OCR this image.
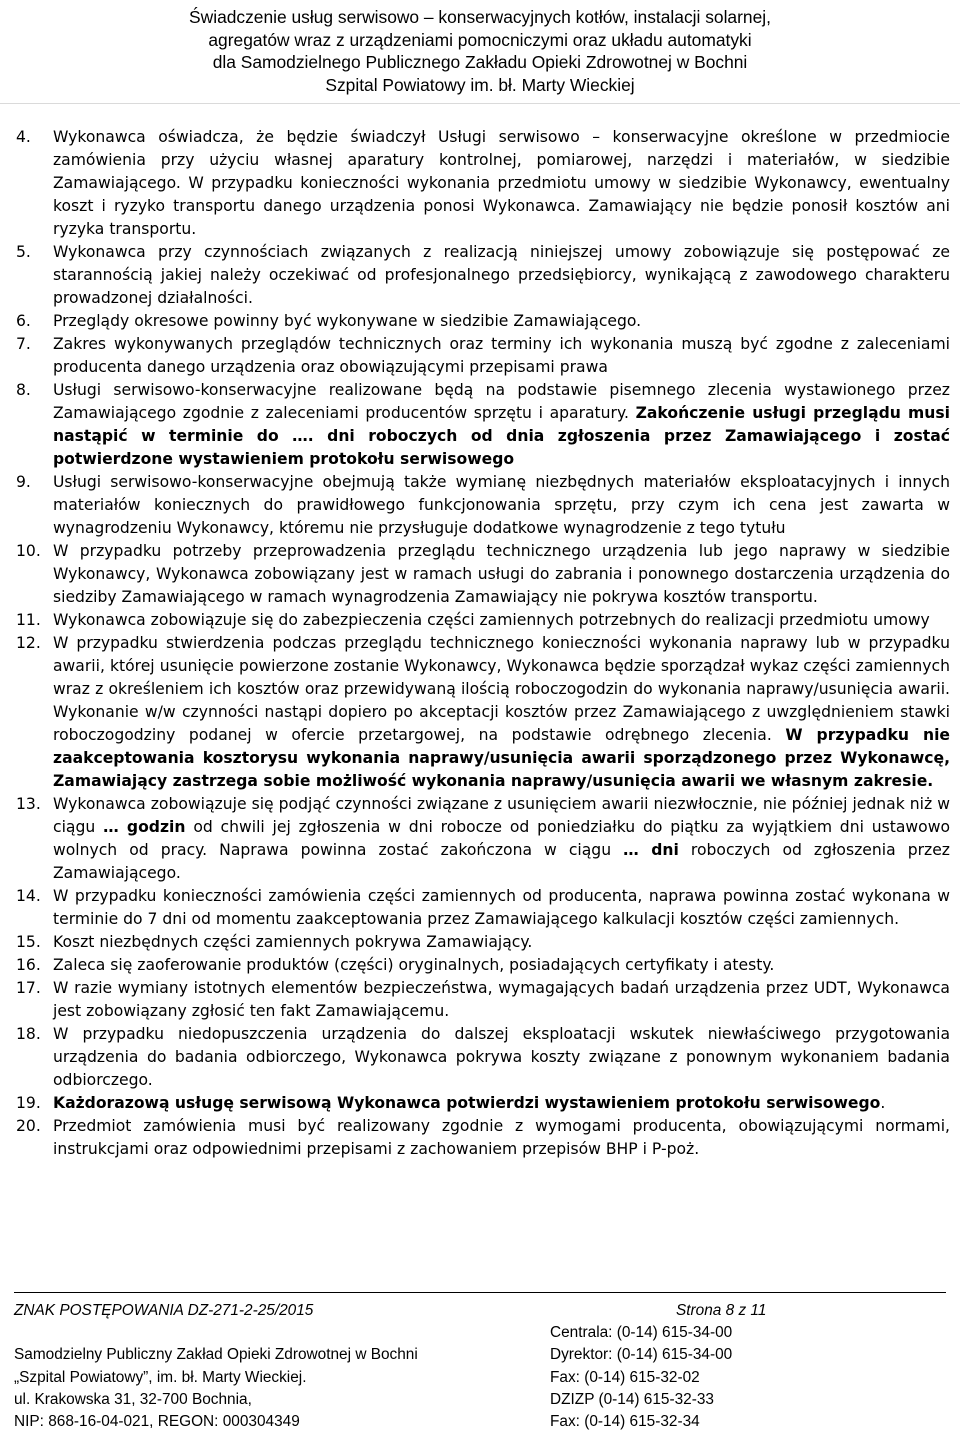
Świadczenie usług serwisowo – konserwacyjnych kotłów, instalacji solarnej,
agregatów wraz z urządzeniami pomocniczymi oraz układu automatyki
dla Samodzielnego Publicznego Zakładu Opieki Zdrowotnej w Bochni
Szpital Powiatowy im. bł. Marty Wieckiej

4. Wykonawca oświadcza, że będzie świadczył Usługi serwisowo – konserwacyjne określone w przedmiocie zamówienia przy użyciu własnej aparatury kontrolnej, pomiarowej, narzędzi i materiałów, w siedzibie Zamawiającego. W przypadku konieczności wykonania przedmiotu umowy w siedzibie Wykonawcy, ewentualny koszt i ryzyko transportu danego urządzenia ponosi Wykonawca. Zamawiający nie będzie ponosił kosztów ani ryzyka transportu.

5. Wykonawca przy czynnościach związanych z realizacją niniejszej umowy zobowiązuje się postępować ze starannością jakiej należy oczekiwać od profesjonalnego przedsiębiorcy, wynikającą z zawodowego charakteru prowadzonej działalności.

6. Przeglądy okresowe powinny być wykonywane w siedzibie Zamawiającego.

7. Zakres wykonywanych przeglądów technicznych oraz terminy ich wykonania muszą być zgodne z zaleceniami producenta danego urządzenia oraz obowiązującymi przepisami prawa

8. Usługi serwisowo-konserwacyjne realizowane będą na podstawie pisemnego zlecenia wystawionego przez Zamawiającego zgodnie z zaleceniami producentów sprzętu i aparatury. Zakończenie usługi przeglądu musi nastąpić w terminie do …. dni roboczych od dnia zgłoszenia przez Zamawiającego i zostać potwierdzone wystawieniem protokołu serwisowego

9. Usługi serwisowo-konserwacyjne obejmują także wymianę niezbędnych materiałów eksploatacyjnych i innych materiałów koniecznych do prawidłowego funkcjonowania sprzętu, przy czym ich cena jest zawarta w wynagrodzeniu Wykonawcy, któremu nie przysługuje dodatkowe wynagrodzenie z tego tytułu

10. W przypadku potrzeby przeprowadzenia przeglądu technicznego urządzenia lub jego naprawy w siedzibie Wykonawcy, Wykonawca zobowiązany jest w ramach usługi do zabrania i ponownego dostarczenia urządzenia do siedziby Zamawiającego w ramach wynagrodzenia Zamawiający nie pokrywa kosztów transportu.

11. Wykonawca zobowiązuje się do zabezpieczenia części zamiennych potrzebnych do realizacji przedmiotu umowy

12. W przypadku stwierdzenia podczas przeglądu technicznego konieczności wykonania naprawy lub w przypadku awarii, której usunięcie powierzone zostanie Wykonawcy, Wykonawca będzie sporządzał wykaz części zamiennych wraz z określeniem ich kosztów oraz przewidywaną ilością roboczogodzin do wykonania naprawy/usunięcia awarii. Wykonanie w/w czynności nastąpi dopiero po akceptacji kosztów przez Zamawiającego z uwzględnieniem stawki roboczogodziny podanej w ofercie przetargowej, na podstawie odrębnego zlecenia. W przypadku nie zaakceptowania kosztorysu wykonania naprawy/usunięcia awarii sporządzonego przez Wykonawcę, Zamawiający zastrzega sobie możliwość wykonania naprawy/usunięcia awarii we własnym zakresie.

13. Wykonawca zobowiązuje się podjąć czynności związane z usunięciem awarii niezwłocznie, nie później jednak niż w ciągu … godzin od chwili jej zgłoszenia w dni robocze od poniedziałku do piątku za wyjątkiem dni ustawowo wolnych od pracy. Naprawa powinna zostać zakończona w ciągu … dni roboczych od zgłoszenia przez Zamawiającego.

14. W przypadku konieczności zamówienia części zamiennych od producenta, naprawa powinna zostać wykonana w terminie do 7 dni od momentu zaakceptowania przez Zamawiającego kalkulacji kosztów części zamiennych.

15. Koszt niezbędnych części zamiennych pokrywa Zamawiający.

16. Zaleca się zaoferowanie produktów (części) oryginalnych, posiadających certyfikaty i atesty.

17. W razie wymiany istotnych elementów bezpieczeństwa, wymagających badań urządzenia przez UDT, Wykonawca jest zobowiązany zgłosić ten fakt Zamawiającemu.

18. W przypadku niedopuszczenia urządzenia do dalszej eksploatacji wskutek niewłaściwego przygotowania urządzenia do badania odbiorczego, Wykonawca pokrywa koszty związane z ponownym wykonaniem badania odbiorczego.

19. Każdorazową usługę serwisową Wykonawca potwierdzi wystawieniem protokołu serwisowego.

20. Przedmiot zamówienia musi być realizowany zgodnie z wymogami producenta, obowiązującymi normami, instrukcjami oraz odpowiednimi przepisami z zachowaniem przepisów BHP i P-poż.

ZNAK POSTĘPOWANIA DZ-271-2-25/2015
Samodzielny Publiczny Zakład Opieki Zdrowotnej w Bochni
„Szpital Powiatowy”, im. bł. Marty Wieckiej.
ul. Krakowska 31, 32-700 Bochnia,
NIP: 868-16-04-021, REGON: 000304349
Strona 8 z 11
Centrala: (0-14) 615-34-00
Dyrektor: (0-14) 615-34-00
Fax: (0-14) 615-32-02
DZIZP (0-14) 615-32-33
Fax: (0-14) 615-32-34
